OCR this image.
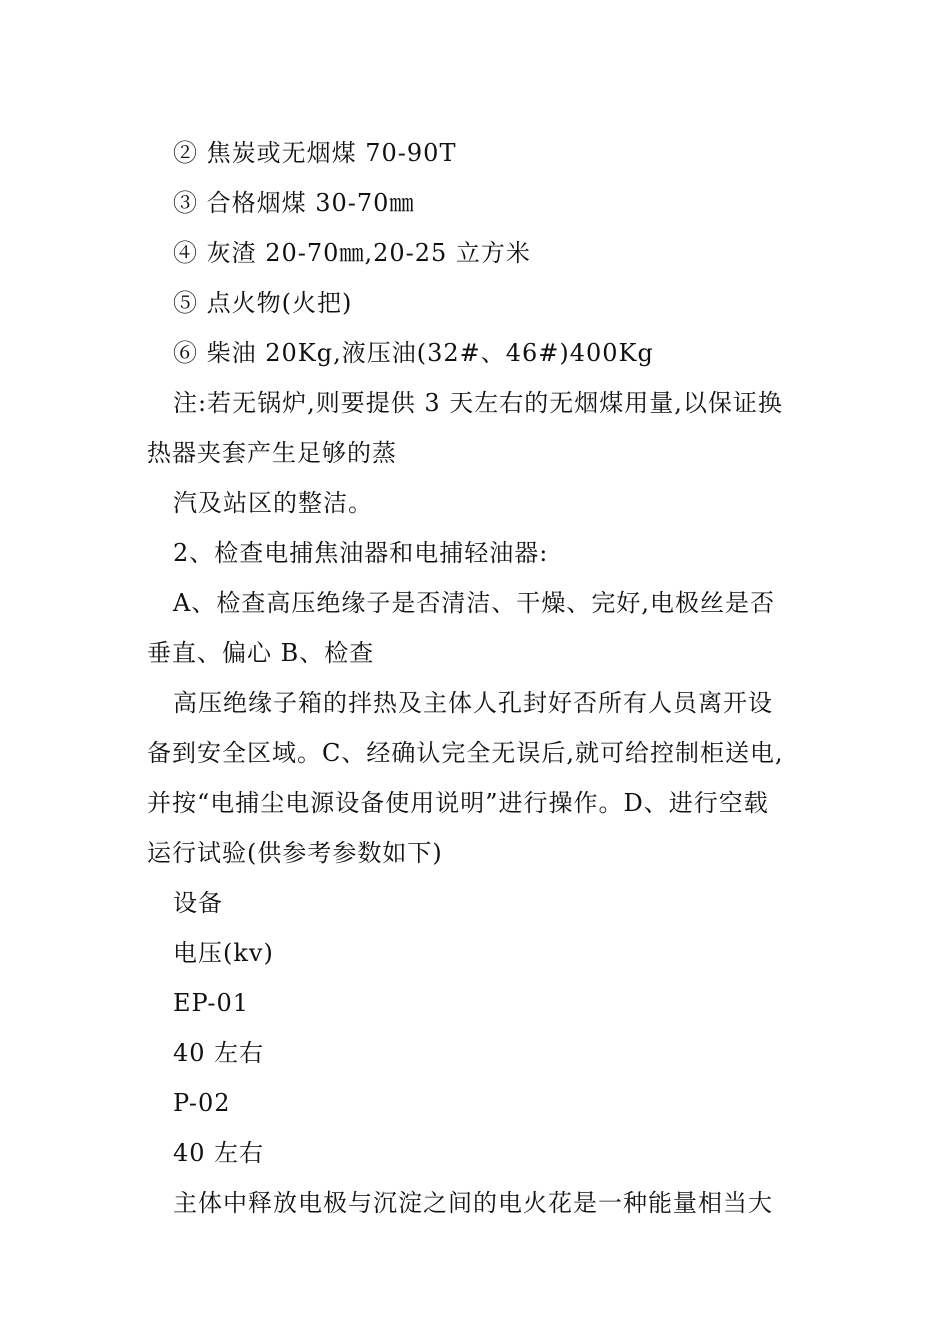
② 焦炭或无烟煤 70-90T
③ 合格烟煤 30-70㎜
④ 灰渣 20-70㎜,20-25 立方米
⑤ 点火物(火把)
⑥ 柴油 20Kg,液压油(32#、46#)400Kg
注:若无锅炉,则要提供 3 天左右的无烟煤用量,以保证换
热器夹套产生足够的蒸
汽及站区的整洁。
2、检查电捕焦油器和电捕轻油器:
A、检查高压绝缘子是否清洁、干燥、完好,电极丝是否
垂直、偏心 B、检查
高压绝缘子箱的拌热及主体人孔封好否所有人员离开设
备到安全区域。C、经确认完全无误后,就可给控制柜送电,
并按“电捕尘电源设备使用说明”进行操作。D、进行空载
运行试验(供参考参数如下)
设备
电压(kv)
EP-01
40 左右
P-02
40 左右
主体中释放电极与沉淀之间的电火花是一种能量相当大
